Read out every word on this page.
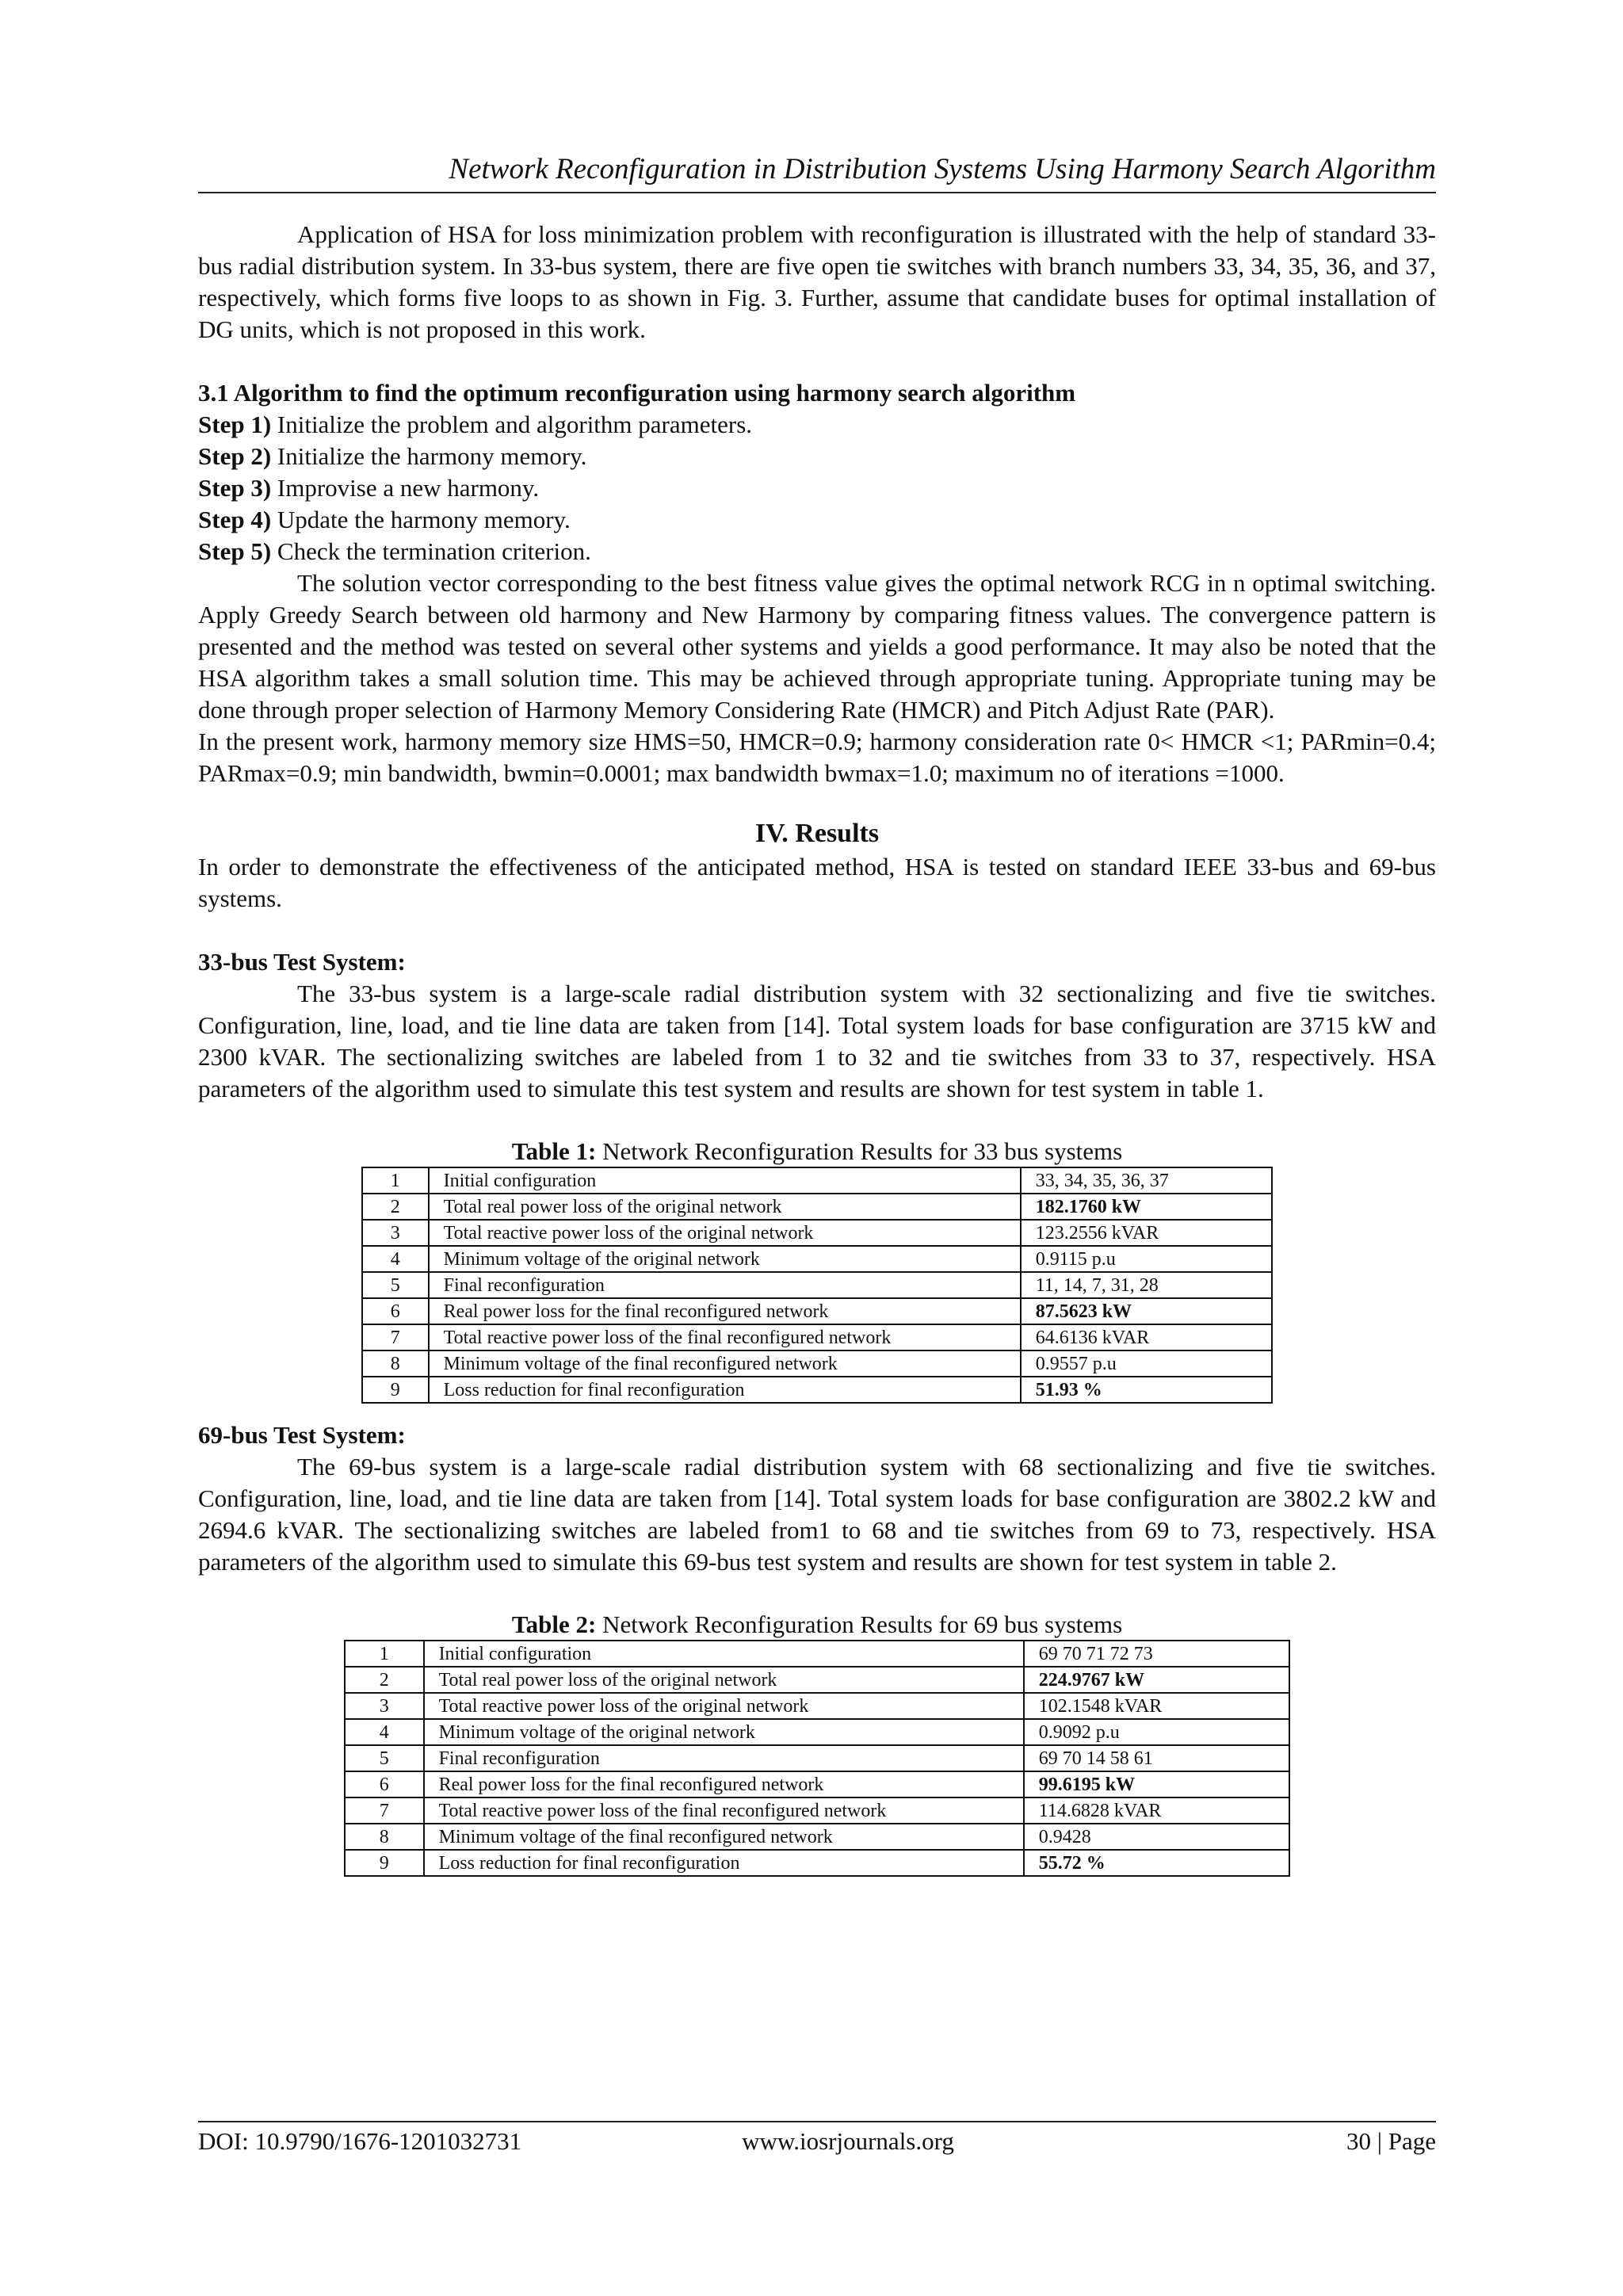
Network Reconfiguration in Distribution Systems Using Harmony Search Algorithm

Application of HSA for loss minimization problem with reconfiguration is illustrated with the help of standard 33-bus radial distribution system. In 33-bus system, there are five open tie switches with branch numbers 33, 34, 35, 36, and 37, respectively, which forms five loops to as shown in Fig. 3. Further, assume that candidate buses for optimal installation of DG units, which is not proposed in this work.

3.1 Algorithm to find the optimum reconfiguration using harmony search algorithm

Step 1) Initialize the problem and algorithm parameters.

Step 2) Initialize the harmony memory.

Step 3) Improvise a new harmony.

Step 4) Update the harmony memory.

Step 5) Check the termination criterion.

The solution vector corresponding to the best fitness value gives the optimal network RCG in n optimal switching. Apply Greedy Search between old harmony and New Harmony by comparing fitness values. The convergence pattern is presented and the method was tested on several other systems and yields a good performance. It may also be noted that the HSA algorithm takes a small solution time. This may be achieved through appropriate tuning. Appropriate tuning may be done through proper selection of Harmony Memory Considering Rate (HMCR) and Pitch Adjust Rate (PAR).

In the present work, harmony memory size HMS=50, HMCR=0.9; harmony consideration rate 0< HMCR <1; PARmin=0.4; PARmax=0.9; min bandwidth, bwmin=0.0001; max bandwidth bwmax=1.0; maximum no of iterations =1000.

IV. Results

In order to demonstrate the effectiveness of the anticipated method, HSA is tested on standard IEEE 33-bus and 69-bus systems.

33-bus Test System:

The 33-bus system is a large-scale radial distribution system with 32 sectionalizing and five tie switches. Configuration, line, load, and tie line data are taken from [14]. Total system loads for base configuration are 3715 kW and 2300 kVAR. The sectionalizing switches are labeled from 1 to 32 and tie switches from 33 to 37, respectively. HSA parameters of the algorithm used to simulate this test system and results are shown for test system in table 1.

Table 1: Network Reconfiguration Results for 33 bus systems
1	Initial configuration	33, 34, 35, 36, 37
2	Total real power loss of the original network	182.1760 kW
3	Total reactive power loss of the original network	123.2556 kVAR
4	Minimum voltage of the original network	0.9115 p.u
5	Final reconfiguration	11, 14, 7, 31, 28
6	Real power loss for the final reconfigured network	87.5623 kW
7	Total reactive power loss of the final reconfigured network	64.6136 kVAR
8	Minimum voltage of the final reconfigured network	0.9557 p.u
9	Loss reduction for final reconfiguration	51.93 %

69-bus Test System:

The 69-bus system is a large-scale radial distribution system with 68 sectionalizing and five tie switches. Configuration, line, load, and tie line data are taken from [14]. Total system loads for base configuration are 3802.2 kW and 2694.6 kVAR. The sectionalizing switches are labeled from1 to 68 and tie switches from 69 to 73, respectively. HSA parameters of the algorithm used to simulate this 69-bus test system and results are shown for test system in table 2.

Table 2: Network Reconfiguration Results for 69 bus systems
1	Initial configuration	69 70 71 72 73
2	Total real power loss of the original network	224.9767 kW
3	Total reactive power loss of the original network	102.1548 kVAR
4	Minimum voltage of the original network	0.9092 p.u
5	Final reconfiguration	69 70 14 58 61
6	Real power loss for the final reconfigured network	99.6195 kW
7	Total reactive power loss of the final reconfigured network	114.6828 kVAR
8	Minimum voltage of the final reconfigured network	0.9428
9	Loss reduction for final reconfiguration	55.72 %
DOI: 10.9790/1676-1201032731	www.iosrjournals.org	30 | Page
